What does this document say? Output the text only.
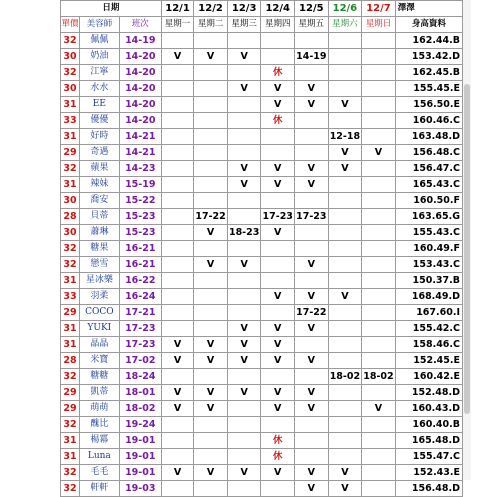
日期			12/1	12/2	12/3	12/4	12/5	12/6	12/7	澤澤
單價	美容師	班次	星期一	星期二	星期三	星期四	星期五	星期六	星期日	身高資料
32	佩佩	14-19								162.44.B
30	奶油	14-20	V	V	V		14-19			153.42.D
32	江寧	14-20				休				162.45.B
30	水水	14-20			V	V	V			155.45.E
31	EE	14-20				V	V	V		156.50.E
33	優優	14-20				休				160.46.C
31	好時	14-21						12-18		163.48.D
29	奇遇	14-21						V	V	156.48.C
32	蘋果	14-23			V	V	V	V		156.47.C
31	辣妹	15-19			V	V	V			165.43.C
30	喬安	15-22								160.50.F
28	貝蒂	15-23		17-22		17-23	17-23			163.65.G
30	蕭琳	15-23		V	18-23	V				155.43.C
32	糖果	16-21								160.49.F
32	戀雪	16-21		V	V		V			153.43.C
31	星冰樂	16-22								150.37.B
33	羽柔	16-24				V	V	V		168.49.D
29	COCO	17-21					17-22			167.60.I
31	YUKI	17-23			V	V	V			155.42.C
31	晶晶	17-23	V	V	V	V				158.46.C
28	米寶	17-02	V	V	V	V	V			152.45.E
32	糖糖	18-24						18-02	18-02	160.42.E
29	凱蒂	18-01	V	V	V	V	V			152.48.D
29	萌萌	18-02	V	V		V	V		V	160.43.D
32	醜比	19-24								160.40.B
31	楊冪	19-01				休				165.48.D
31	Luna	19-01				休				155.47.C
32	毛毛	19-01	V	V	V	V	V	V		152.43.E
32	軒軒	19-03					V	V		156.48.D
